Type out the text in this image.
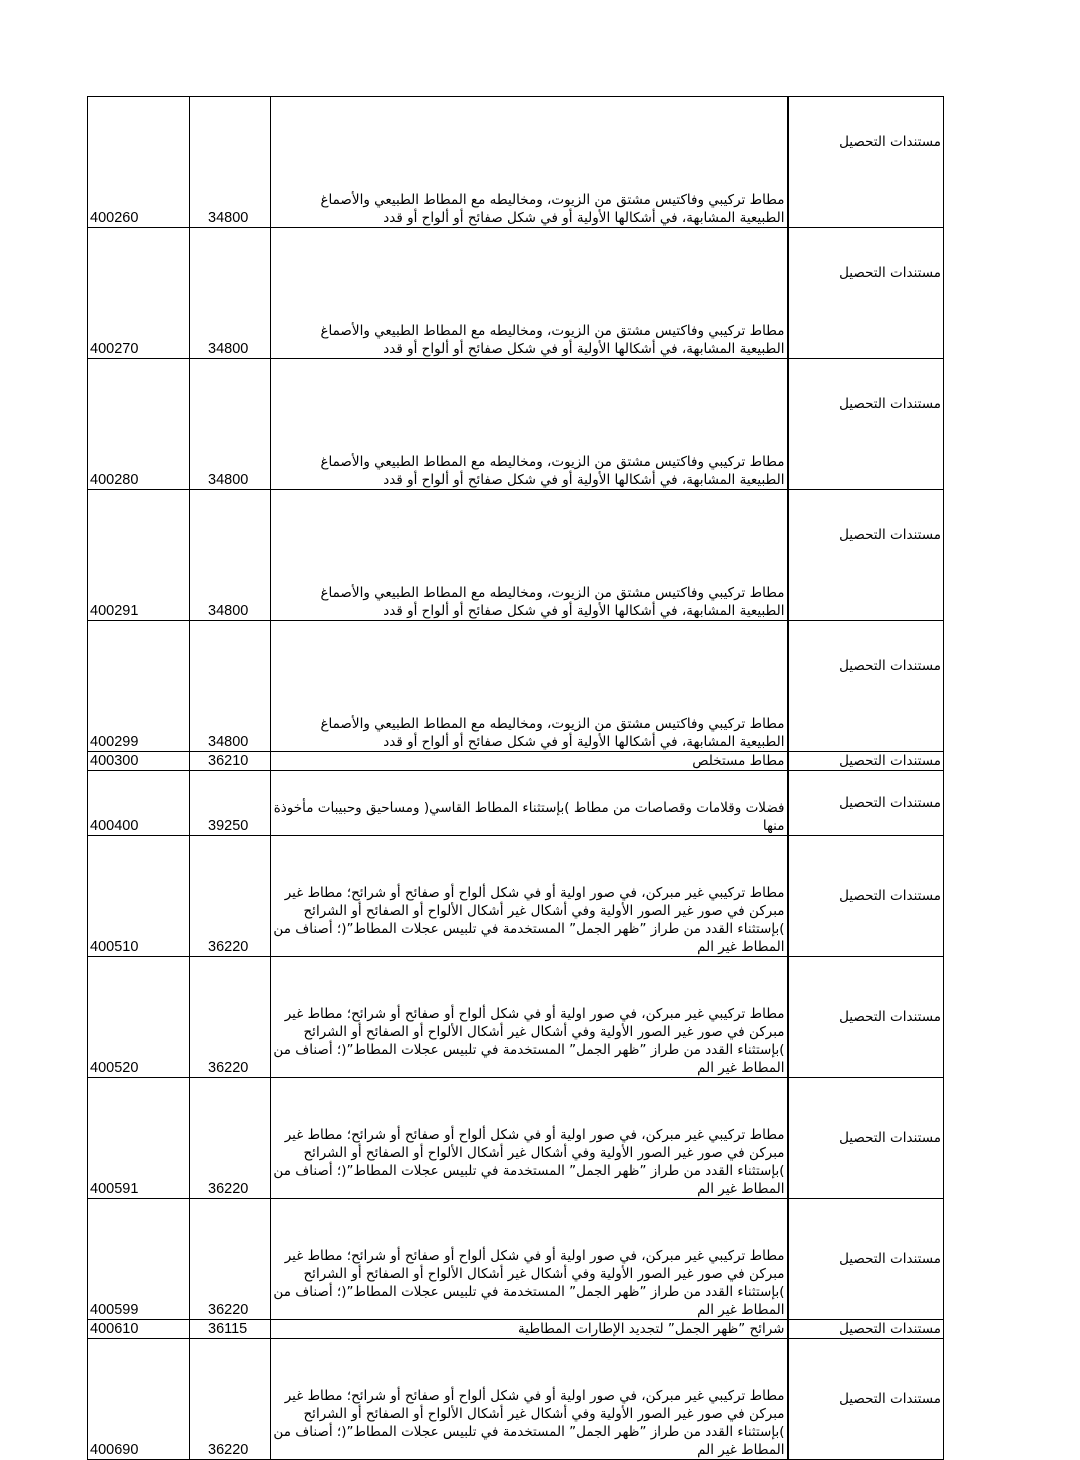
400260	34800	مطاط تركيبي وفاكتيس مشتق من الزيوت، ومخاليطه مع المطاط الطبيعي والأصماغ الطبيعية المشابهة، في أشكالها الأولية أو في شكل صفائح أو ألواح أو قدد	مستندات التحصيل
400270	34800	مطاط تركيبي وفاكتيس مشتق من الزيوت، ومخاليطه مع المطاط الطبيعي والأصماغ الطبيعية المشابهة، في أشكالها الأولية أو في شكل صفائح أو ألواح أو قدد	مستندات التحصيل
400280	34800	مطاط تركيبي وفاكتيس مشتق من الزيوت، ومخاليطه مع المطاط الطبيعي والأصماغ الطبيعية المشابهة، في أشكالها الأولية أو في شكل صفائح أو ألواح أو قدد	مستندات التحصيل
400291	34800	مطاط تركيبي وفاكتيس مشتق من الزيوت، ومخاليطه مع المطاط الطبيعي والأصماغ الطبيعية المشابهة، في أشكالها الأولية أو في شكل صفائح أو ألواح أو قدد	مستندات التحصيل
400299	34800	مطاط تركيبي وفاكتيس مشتق من الزيوت، ومخاليطه مع المطاط الطبيعي والأصماغ الطبيعية المشابهة، في أشكالها الأولية أو في شكل صفائح أو ألواح أو قدد	مستندات التحصيل
400300	36210	مطاط مستخلص	مستندات التحصيل
400400	39250	فضلات وقلامات وقصاصات من مطاط )بإستثناء المطاط القاسي( ومساحيق وحبيبات مأخوذة منها	مستندات التحصيل
400510	36220	مطاط تركيبي غير مبركن، في صور اولية أو في شكل ألواح أو صفائح أو شرائح؛ مطاط غير مبركن في صور غير الصور الأولية وفي أشكال غير أشكال الألواح أو الصفائح أو الشرائح )بإستثناء القدد من طراز ”ظهر الجمل” المستخدمة في تلبيس عجلات المطاط”(؛ أصناف من المطاط غير الم	مستندات التحصيل
400520	36220	مطاط تركيبي غير مبركن، في صور اولية أو في شكل ألواح أو صفائح أو شرائح؛ مطاط غير مبركن في صور غير الصور الأولية وفي أشكال غير أشكال الألواح أو الصفائح أو الشرائح )بإستثناء القدد من طراز ”ظهر الجمل” المستخدمة في تلبيس عجلات المطاط”(؛ أصناف من المطاط غير الم	مستندات التحصيل
400591	36220	مطاط تركيبي غير مبركن، في صور اولية أو في شكل ألواح أو صفائح أو شرائح؛ مطاط غير مبركن في صور غير الصور الأولية وفي أشكال غير أشكال الألواح أو الصفائح أو الشرائح )بإستثناء القدد من طراز ”ظهر الجمل” المستخدمة في تلبيس عجلات المطاط”(؛ أصناف من المطاط غير الم	مستندات التحصيل
400599	36220	مطاط تركيبي غير مبركن، في صور اولية أو في شكل ألواح أو صفائح أو شرائح؛ مطاط غير مبركن في صور غير الصور الأولية وفي أشكال غير أشكال الألواح أو الصفائح أو الشرائح )بإستثناء القدد من طراز ”ظهر الجمل” المستخدمة في تلبيس عجلات المطاط”(؛ أصناف من المطاط غير الم	مستندات التحصيل
400610	36115	شرائح ”ظهر الجمل” لتجديد الإطارات المطاطية	مستندات التحصيل
400690	36220	مطاط تركيبي غير مبركن، في صور اولية أو في شكل ألواح أو صفائح أو شرائح؛ مطاط غير مبركن في صور غير الصور الأولية وفي أشكال غير أشكال الألواح أو الصفائح أو الشرائح )بإستثناء القدد من طراز ”ظهر الجمل” المستخدمة في تلبيس عجلات المطاط”(؛ أصناف من المطاط غير الم	مستندات التحصيل
